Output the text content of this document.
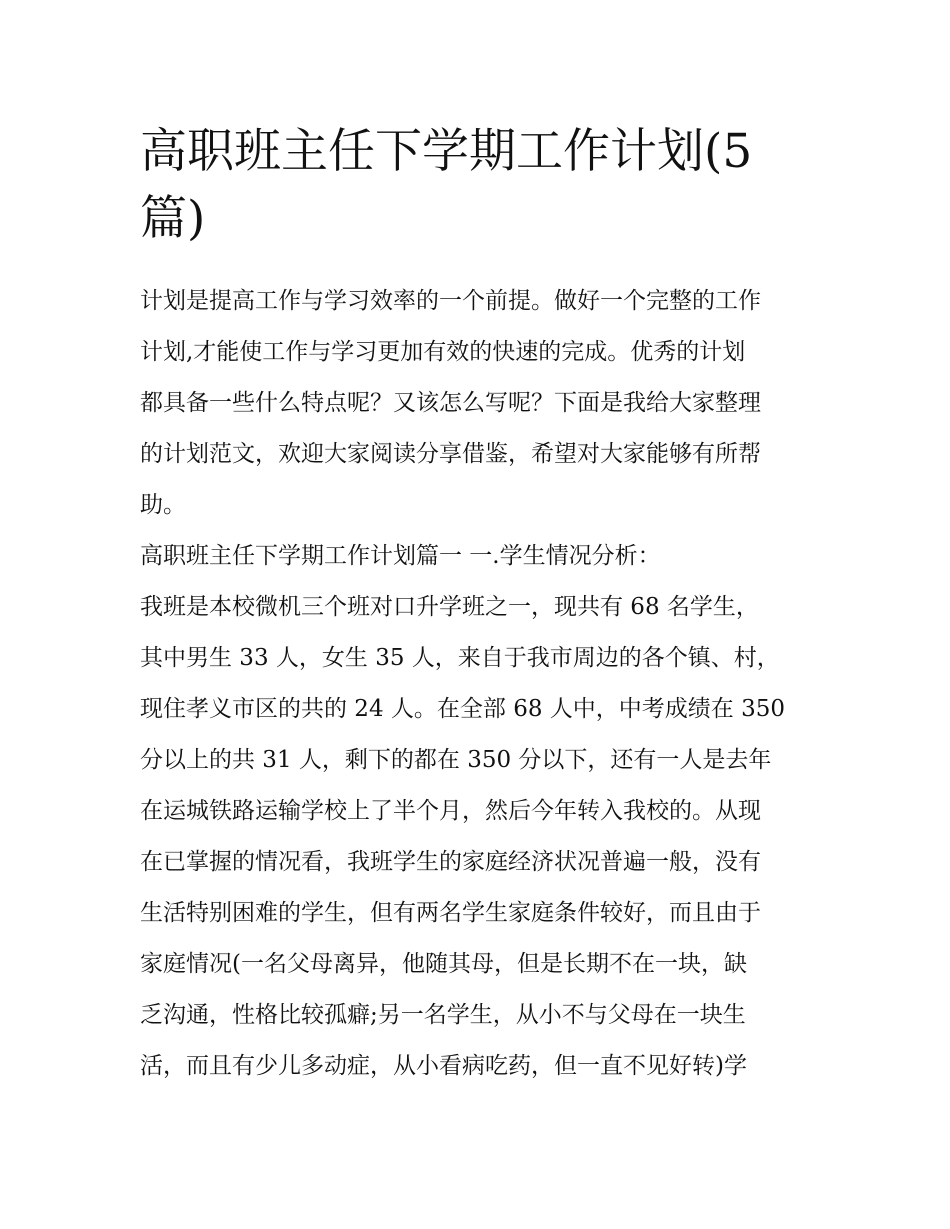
高职班主任下学期工作计划(5
篇)

计划是提高工作与学习效率的一个前提。做好一个完整的工作
计划,才能使工作与学习更加有效的快速的完成。优秀的计划
都具备一些什么特点呢？又该怎么写呢？下面是我给大家整理
的计划范文，欢迎大家阅读分享借鉴，希望对大家能够有所帮
助。

高职班主任下学期工作计划篇一 一.学生情况分析：

我班是本校微机三个班对口升学班之一，现共有 68 名学生，
其中男生 33 人，女生 35 人，来自于我市周边的各个镇、村，
现住孝义市区的共的 24 人。在全部 68 人中，中考成绩在 350
分以上的共 31 人，剩下的都在 350 分以下，还有一人是去年
在运城铁路运输学校上了半个月，然后今年转入我校的。从现
在已掌握的情况看，我班学生的家庭经济状况普遍一般，没有
生活特别困难的学生，但有两名学生家庭条件较好，而且由于
家庭情况(一名父母离异，他随其母，但是长期不在一块，缺
乏沟通，性格比较孤癖;另一名学生，从小不与父母在一块生
活，而且有少儿多动症，从小看病吃药，但一直不见好转)学
